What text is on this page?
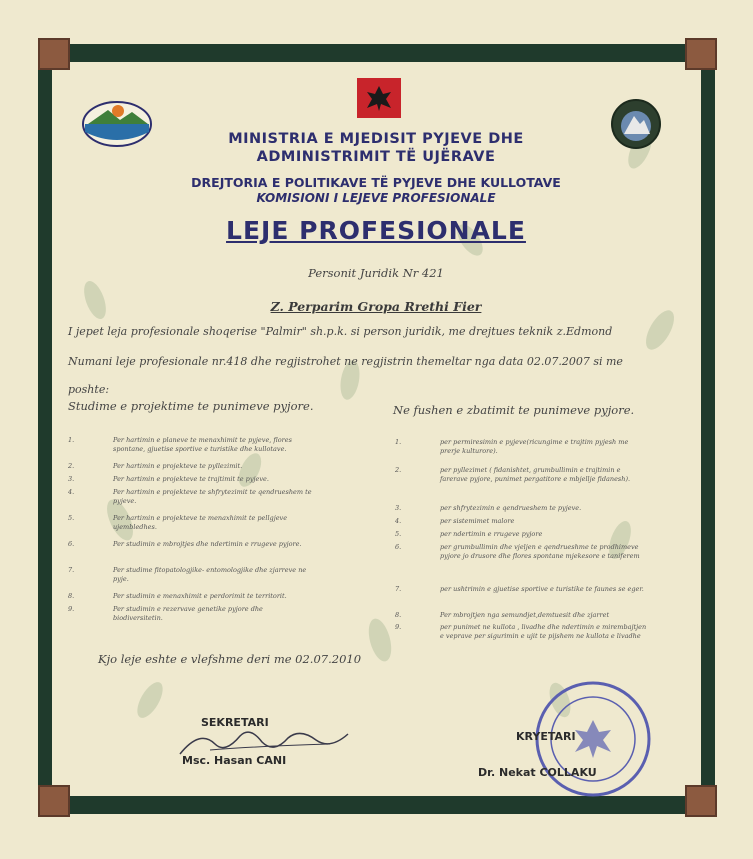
MINISTRIA E MJEDISIT PYJEVE DHE
ADMINISTRIMIT TË UJËRAVE
DREJTORIA E POLITIKAVE TË PYJEVE DHE KULLOTAVE
KOMISIONI I LEJEVE PROFESIONALE
LEJE PROFESIONALE
Personit Juridik Nr 421
Z. Perparim Gropa Rrethi Fier
I jepet leja profesionale shoqerise "Palmir" sh.p.k. si person juridik, me drejtues teknik z.Edmond
Numani leje profesionale nr.418 dhe regjistrohet ne regjistrin themeltar nga data 02.07.2007 si me
poshte:
Studime e projektime te punimeve pyjore.	Ne fushen e zbatimit te punimeve pyjore.
1.	Per hartimin e planeve te menaxhimit te pyjeve, flores spontane, gjuetise sportive e turistike dhe kullotave.
2.	Per hartimin e projekteve te pyllezimit.
3.	Per hartimin e projekteve te trajtimit te pyjeve.
4.	Per hartimin e projekteve te shfrytezimit te qendrueshem te pyjeve.
5.	Per hartimin e projekteve te menaxhimit te pellgjeve ujembledhes.
6.	Per studimin e mbrojtjes dhe ndertimin e rrugeve pyjore.
7.	Per studime fitopatologjike- entomologjike dhe zjarreve ne pyje.
8.	Per studimin e menaxhimit e perdorimit te territorit.
9.	Per studimin e rezervave genetike pyjore dhe biodiversitetin.
1.	per permiresimin e pyjeve(ricungime e trajtim pyjesh me prerje kulturore).
2.	per pyllezimet ( fidanishtet, grumbullimin e trajtimin e farerave pyjore, punimet pergatitore e mbjellje fidanesh).
3.	per shfrytezimin e qendrueshem te pyjeve.
4.	per sistemimet malore
5.	per ndertimin e rrugeve pyjore
6.	per grumbullimin dhe vjeljen e qendrueshme te prodhimeve pyjore jo drusore dhe flores spontane mjekesore e taniferem
7.	per ushtrimin e gjuetise sportive e turistike te faunes se eger.
8.	Per mbrojtjen nga semundjet,demtuesit dhe zjarret
9.	per punimet ne kullota , livadhe dhe ndertimin e mirembajtjen e veprave per sigurimin e ujit te pijshem ne kullota e livadhe
Kjo leje eshte e vlefshme deri me 02.07.2010
SEKRETARI
Msc. Hasan CANI
KRYETARI
Dr. Nekat COLLAKU
